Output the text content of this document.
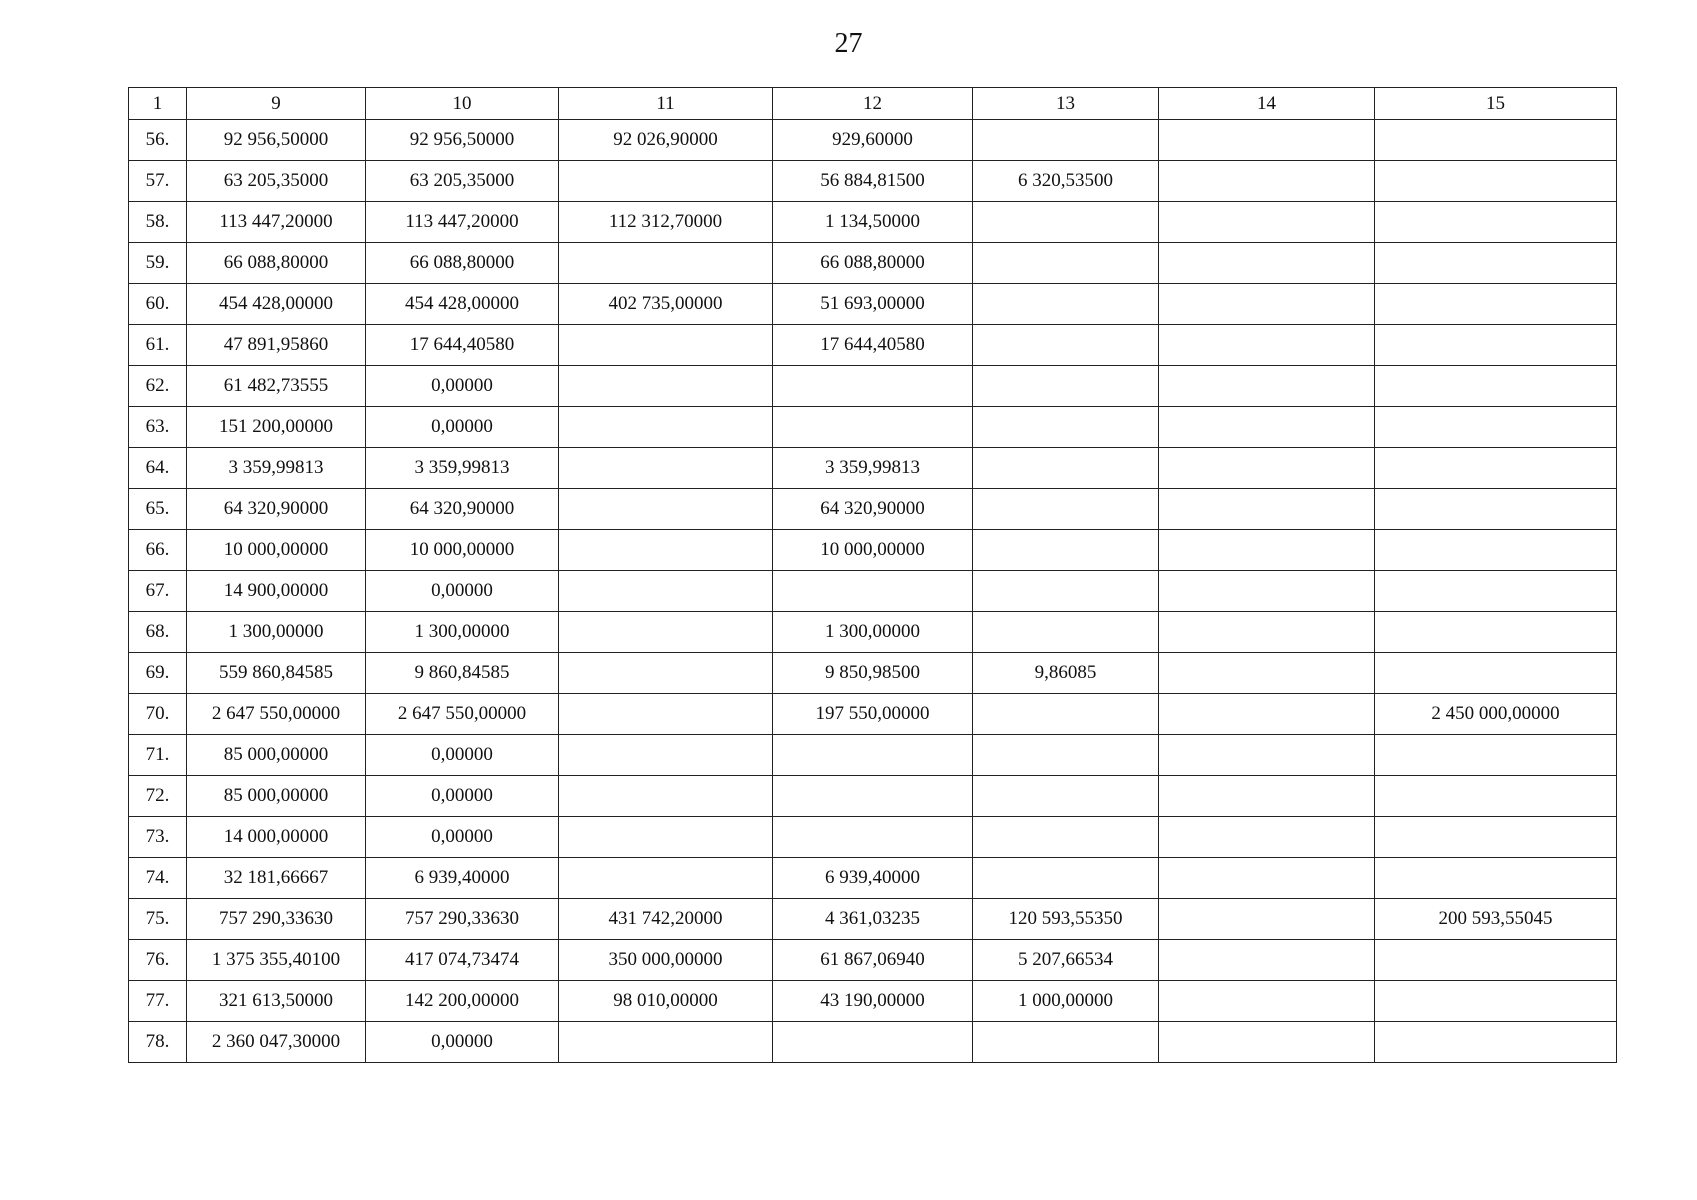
27
1	9	10	11	12	13	14	15
56.	92 956,50000	92 956,50000	92 026,90000	929,60000			
57.	63 205,35000	63 205,35000		56 884,81500	6 320,53500		
58.	113 447,20000	113 447,20000	112 312,70000	1 134,50000			
59.	66 088,80000	66 088,80000		66 088,80000			
60.	454 428,00000	454 428,00000	402 735,00000	51 693,00000			
61.	47 891,95860	17 644,40580		17 644,40580			
62.	61 482,73555	0,00000					
63.	151 200,00000	0,00000					
64.	3 359,99813	3 359,99813		3 359,99813			
65.	64 320,90000	64 320,90000		64 320,90000			
66.	10 000,00000	10 000,00000		10 000,00000			
67.	14 900,00000	0,00000					
68.	1 300,00000	1 300,00000		1 300,00000			
69.	559 860,84585	9 860,84585		9 850,98500	9,86085		
70.	2 647 550,00000	2 647 550,00000		197 550,00000			2 450 000,00000
71.	85 000,00000	0,00000					
72.	85 000,00000	0,00000					
73.	14 000,00000	0,00000					
74.	32 181,66667	6 939,40000		6 939,40000			
75.	757 290,33630	757 290,33630	431 742,20000	4 361,03235	120 593,55350		200 593,55045
76.	1 375 355,40100	417 074,73474	350 000,00000	61 867,06940	5 207,66534		
77.	321 613,50000	142 200,00000	98 010,00000	43 190,00000	1 000,00000		
78.	2 360 047,30000	0,00000					
